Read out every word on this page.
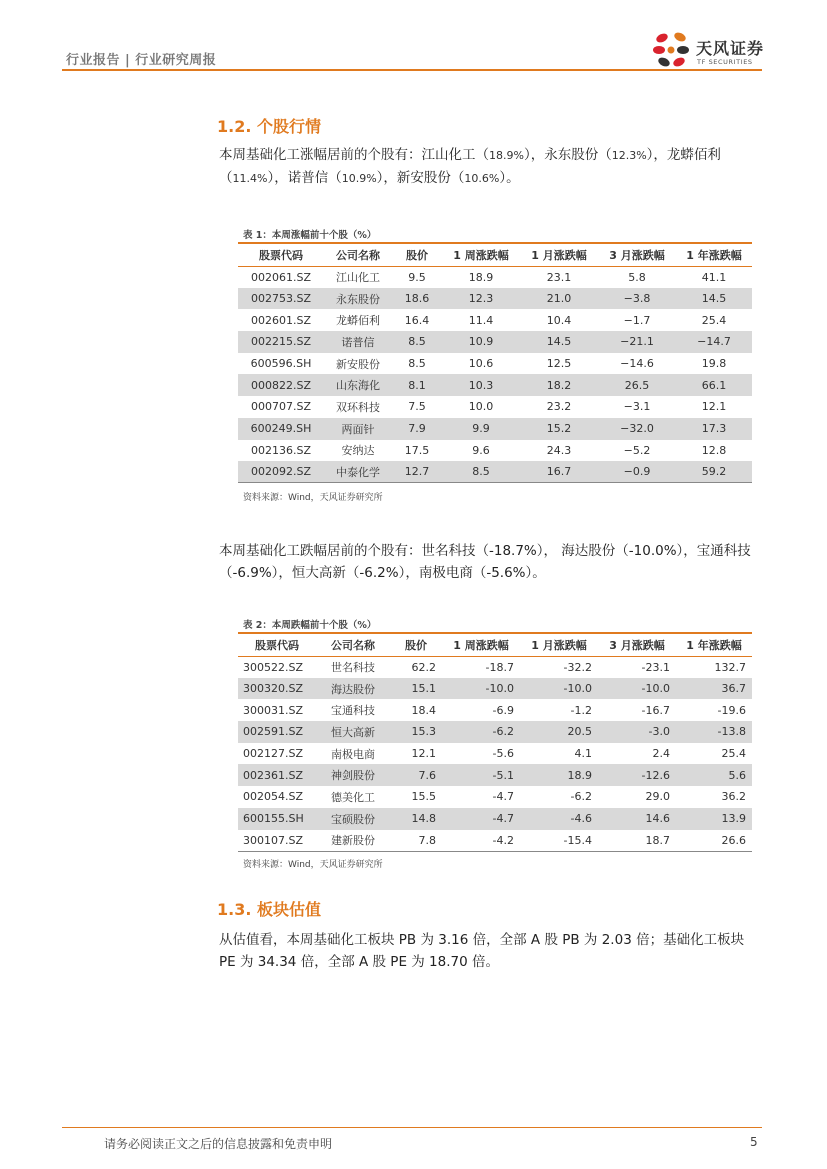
行业报告 | 行业研究周报
天风证券
TF SECURITIES
1.2. 个股行情
本周基础化工涨幅居前的个股有：江山化工（18.9%），永东股份（12.3%），龙蟒佰利（11.4%），诺普信（10.9%），新安股份（10.6%）。
表 1：本周涨幅前十个股（%）
股票代码	公司名称	股价	1 周涨跌幅	1 月涨跌幅	3 月涨跌幅	1 年涨跌幅
002061.SZ	江山化工	9.5	18.9	23.1	5.8	41.1
002753.SZ	永东股份	18.6	12.3	21.0	−3.8	14.5
002601.SZ	龙蟒佰利	16.4	11.4	10.4	−1.7	25.4
002215.SZ	诺普信	8.5	10.9	14.5	−21.1	−14.7
600596.SH	新安股份	8.5	10.6	12.5	−14.6	19.8
000822.SZ	山东海化	8.1	10.3	18.2	26.5	66.1
000707.SZ	双环科技	7.5	10.0	23.2	−3.1	12.1
600249.SH	两面针	7.9	9.9	15.2	−32.0	17.3
002136.SZ	安纳达	17.5	9.6	24.3	−5.2	12.8
002092.SZ	中泰化学	12.7	8.5	16.7	−0.9	59.2
资料来源：Wind，天风证券研究所
本周基础化工跌幅居前的个股有：世名科技（-18.7%）， 海达股份（-10.0%），宝通科技（-6.9%），恒大高新（-6.2%），南极电商（-5.6%）。
表 2：本周跌幅前十个股（%）
股票代码	公司名称	股价	1 周涨跌幅	1 月涨跌幅	3 月涨跌幅	1 年涨跌幅
300522.SZ	世名科技	62.2	-18.7	-32.2	-23.1	132.7
300320.SZ	海达股份	15.1	-10.0	-10.0	-10.0	36.7
300031.SZ	宝通科技	18.4	-6.9	-1.2	-16.7	-19.6
002591.SZ	恒大高新	15.3	-6.2	20.5	-3.0	-13.8
002127.SZ	南极电商	12.1	-5.6	4.1	2.4	25.4
002361.SZ	神剑股份	7.6	-5.1	18.9	-12.6	5.6
002054.SZ	德美化工	15.5	-4.7	-6.2	29.0	36.2
600155.SH	宝硕股份	14.8	-4.7	-4.6	14.6	13.9
300107.SZ	建新股份	7.8	-4.2	-15.4	18.7	26.6
资料来源：Wind，天风证券研究所
1.3. 板块估值
从估值看，本周基础化工板块 PB 为 3.16 倍，全部 A 股 PB 为 2.03 倍；基础化工板块 PE 为 34.34 倍，全部 A 股 PE 为 18.70 倍。
请务必阅读正文之后的信息披露和免责申明	5
